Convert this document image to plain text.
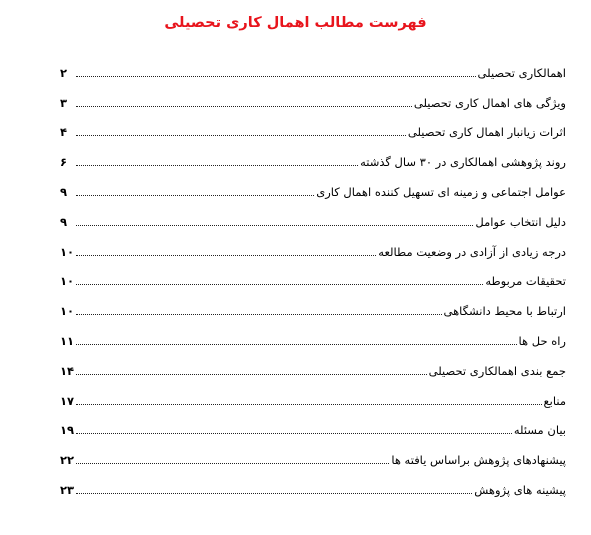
فهرست مطالب اهمال کاری تحصیلی
اهمالکاری تحصیلی
۲
ویژگی های اهمال کاری تحصیلی
۳
اثرات زیانبار اهمال کاری تحصیلی
۴
روند پژوهشی اهمالکاری در ۳۰ سال گذشته
۶
عوامل اجتماعی و زمینه ای تسهیل کننده اهمال کاری
۹
دلیل انتخاب عوامل
۹
درجه زیادی از آزادی در وضعیت مطالعه
۱۰
تحقیقات مربوطه
۱۰
ارتباط با محیط دانشگاهی
۱۰
راه حل ها
۱۱
جمع بندی اهمالکاری تحصیلی
۱۴
منابع
۱۷
بیان مسئله
۱۹
پیشنهادهای پژوهش براساس یافته ها
۲۲
پیشینه های پژوهش
۲۳
